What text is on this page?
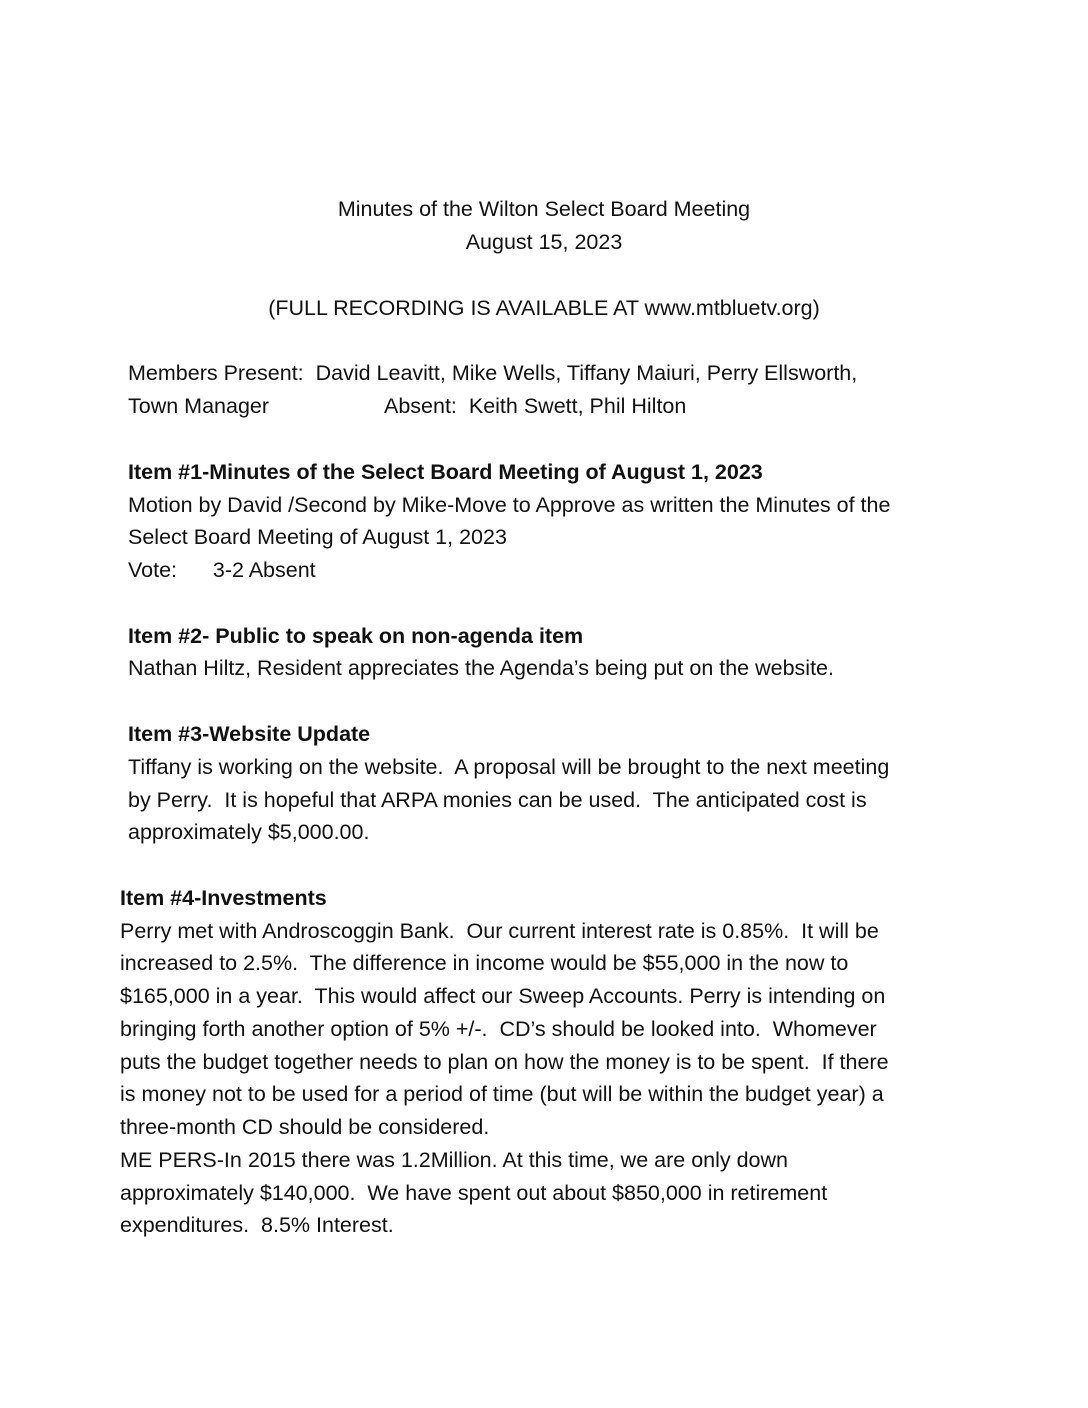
Minutes of the Wilton Select Board Meeting
August 15, 2023
(FULL RECORDING IS AVAILABLE AT www.mtbluetv.org)
Members Present:  David Leavitt, Mike Wells, Tiffany Maiuri, Perry Ellsworth,
Town Manager	Absent:  Keith Swett, Phil Hilton
Item #1-Minutes of the Select Board Meeting of August 1, 2023
Motion by David /Second by Mike-Move to Approve as written the Minutes of the
Select Board Meeting of August 1, 2023
Vote:      3-2 Absent
Item #2- Public to speak on non-agenda item
Nathan Hiltz, Resident appreciates the Agenda’s being put on the website.
Item #3-Website Update
Tiffany is working on the website.  A proposal will be brought to the next meeting
by Perry.  It is hopeful that ARPA monies can be used.  The anticipated cost is
approximately $5,000.00.
Item #4-Investments
Perry met with Androscoggin Bank.  Our current interest rate is 0.85%.  It will be
increased to 2.5%.  The difference in income would be $55,000 in the now to
$165,000 in a year.  This would affect our Sweep Accounts. Perry is intending on
bringing forth another option of 5% +/-.  CD’s should be looked into.  Whomever
puts the budget together needs to plan on how the money is to be spent.  If there
is money not to be used for a period of time (but will be within the budget year) a
three-month CD should be considered.
ME PERS-In 2015 there was 1.2Million. At this time, we are only down
approximately $140,000.  We have spent out about $850,000 in retirement
expenditures.  8.5% Interest.
